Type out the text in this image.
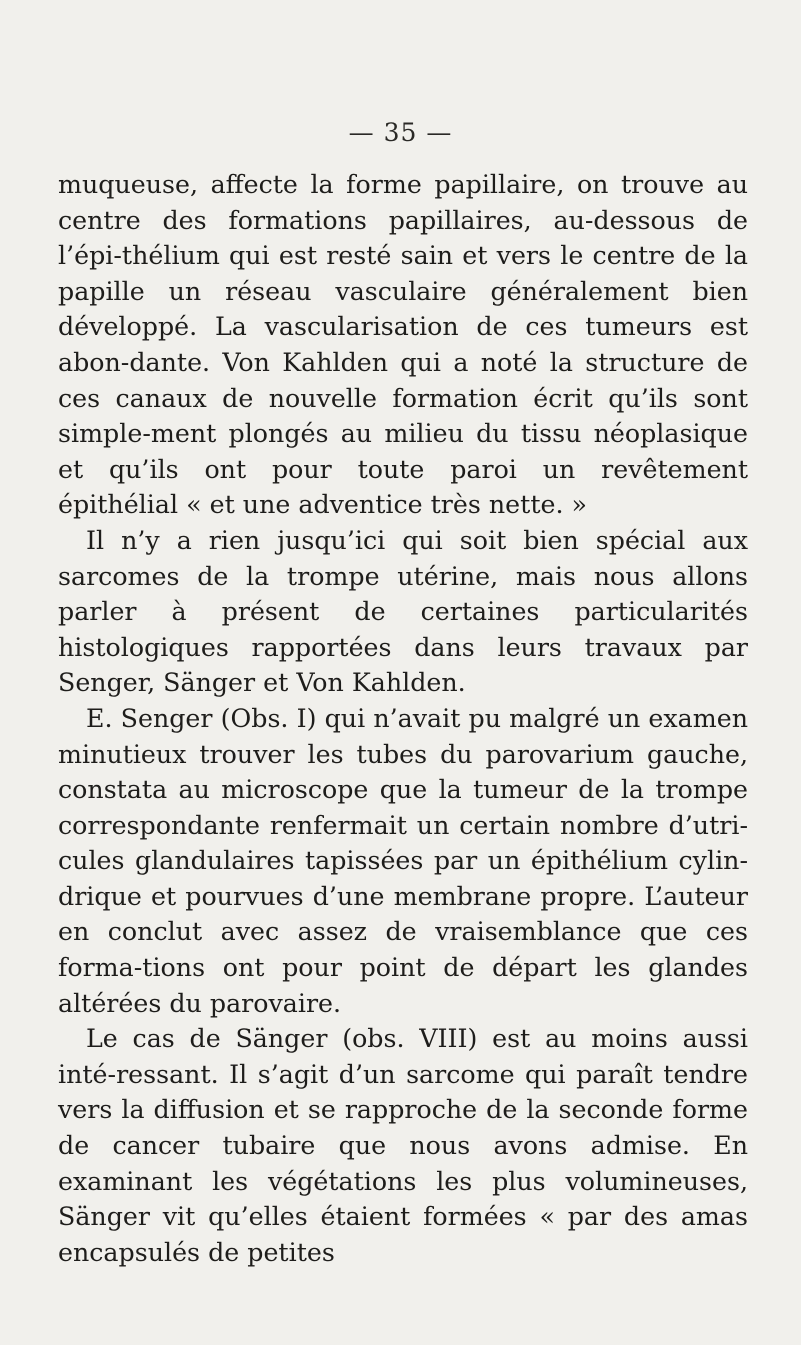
— 35 —

muqueuse, affecte la forme papillaire, on trouve au centre des formations papillaires, au-dessous de l’épi-thélium qui est resté sain et vers le centre de la papille un réseau vasculaire généralement bien développé. La vascularisation de ces tumeurs est abon-dante. Von Kahlden qui a noté la structure de ces canaux de nouvelle formation écrit qu’ils sont simple-ment plongés au milieu du tissu néoplasique et qu’ils ont pour toute paroi un revêtement épithélial « et une adventice très nette. »

Il n’y a rien jusqu’ici qui soit bien spécial aux sarcomes de la trompe utérine, mais nous allons parler à présent de certaines particularités histologiques rapportées dans leurs travaux par Senger, Sänger et Von Kahlden.

E. Senger (Obs. I) qui n’avait pu malgré un examen minutieux trouver les tubes du parovarium gauche, constata au microscope que la tumeur de la trompe correspondante renfermait un certain nombre d’utri-cules glandulaires tapissées par un épithélium cylin-drique et pourvues d’une membrane propre. L’auteur en conclut avec assez de vraisemblance que ces forma-tions ont pour point de départ les glandes altérées du parovaire.

Le cas de Sänger (obs. VIII) est au moins aussi inté-ressant. Il s’agit d’un sarcome qui paraît tendre vers la diffusion et se rapproche de la seconde forme de cancer tubaire que nous avons admise. En examinant les végétations les plus volumineuses, Sänger vit qu’elles étaient formées « par des amas encapsulés de petites
